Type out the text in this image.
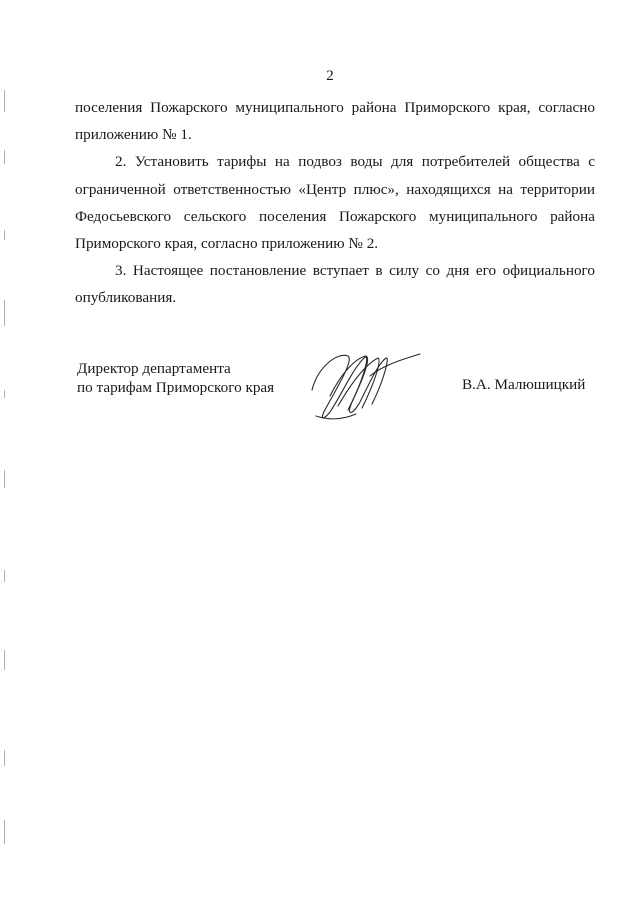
2

поселения Пожарского муниципального района Приморского края, согласно приложению № 1.

2. Установить тарифы на подвоз воды для потребителей общества с ограниченной ответственностью «Центр плюс», находящихся на территории Федосьевского сельского поселения Пожарского муниципального района Приморского края, согласно приложению № 2.

3. Настоящее постановление вступает в силу со дня его официального опубликования.

Директор департамента
по тарифам Приморского края	В.А. Малюшицкий
